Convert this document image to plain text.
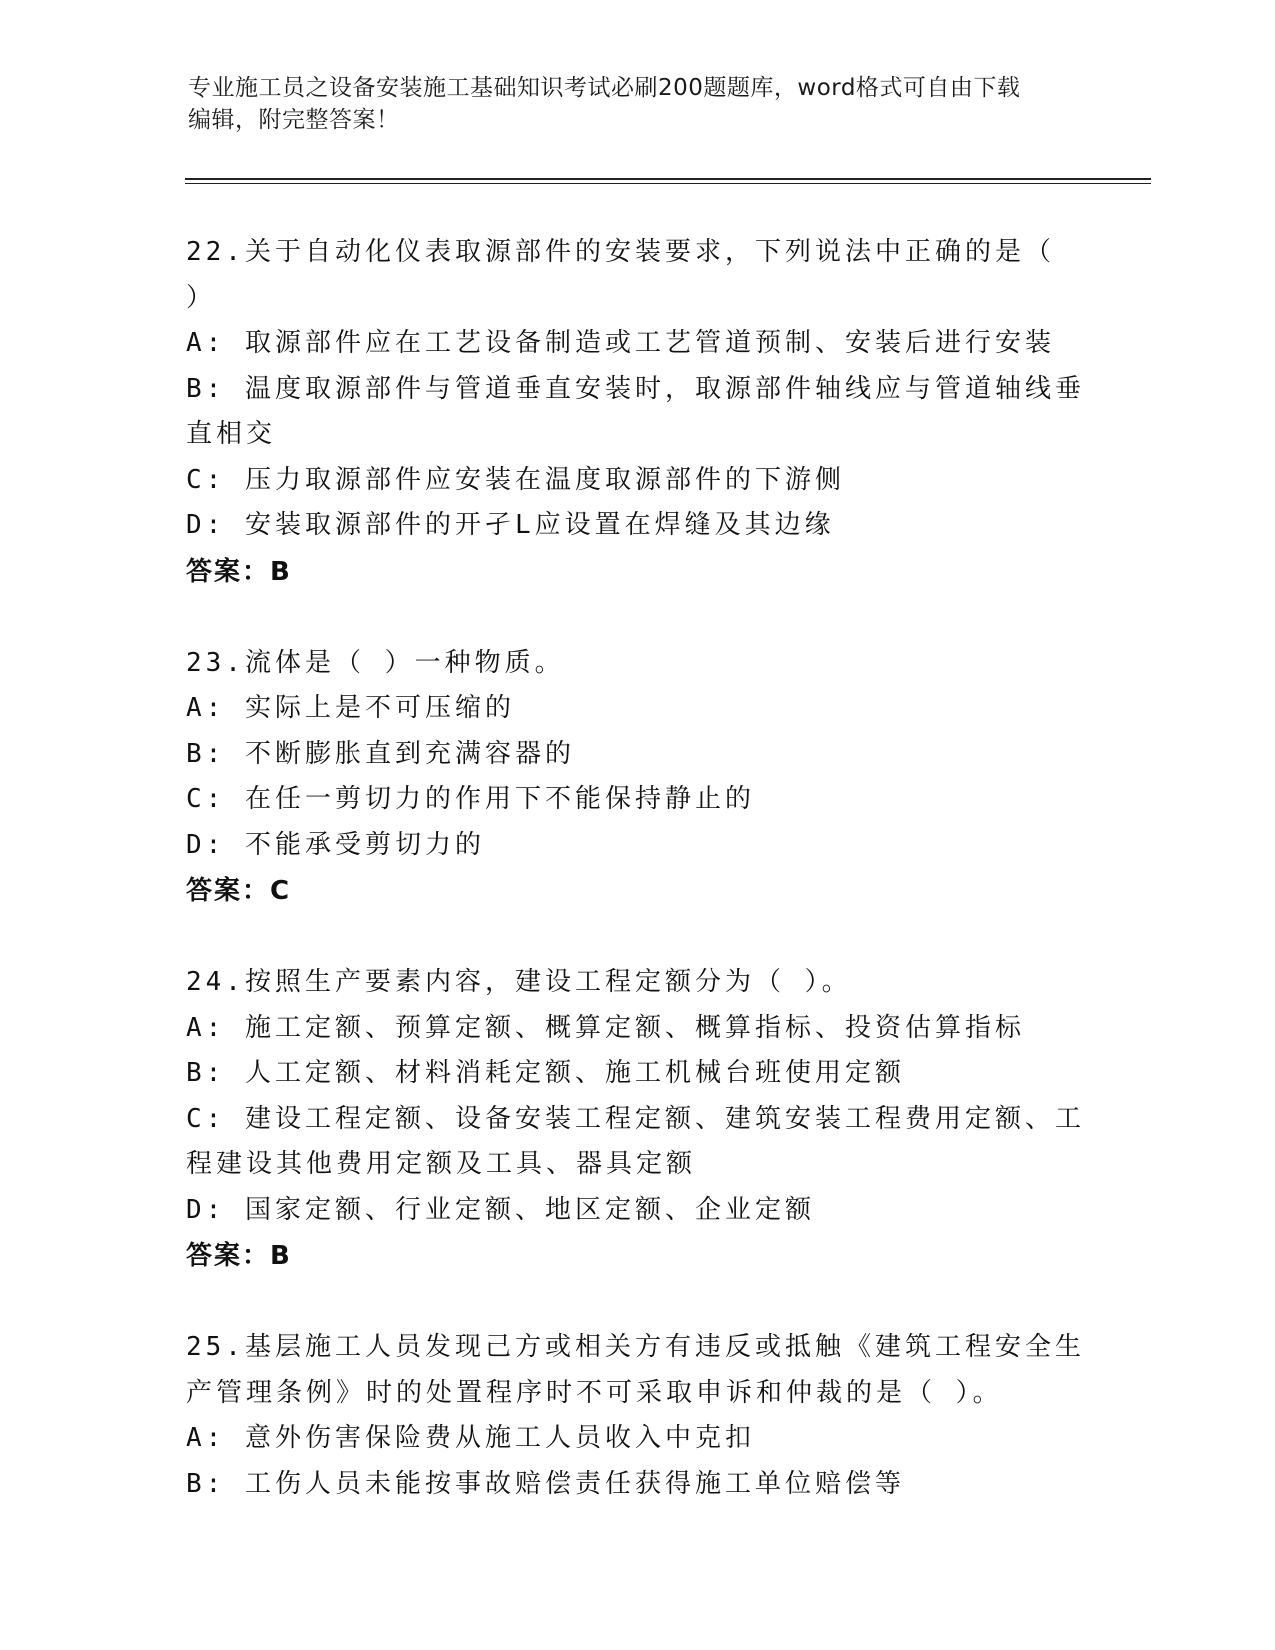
专业施工员之设备安装施工基础知识考试必刷200题题库，word格式可自由下载
编辑，附完整答案！
22.关于自动化仪表取源部件的安装要求，下列说法中正确的是（ ）
A: 取源部件应在工艺设备制造或工艺管道预制、安装后进行安装
B: 温度取源部件与管道垂直安装时，取源部件轴线应与管道轴线垂直相交
C: 压力取源部件应安装在温度取源部件的下游侧
D: 安装取源部件的开孑L应设置在焊缝及其边缘
答案：B
23.流体是（ ）一种物质。
A: 实际上是不可压缩的
B: 不断膨胀直到充满容器的
C: 在任一剪切力的作用下不能保持静止的
D: 不能承受剪切力的
答案：C
24.按照生产要素内容，建设工程定额分为（ ）。
A: 施工定额、预算定额、概算定额、概算指标、投资估算指标
B: 人工定额、材料消耗定额、施工机械台班使用定额
C: 建设工程定额、设备安装工程定额、建筑安装工程费用定额、工程建设其他费用定额及工具、器具定额
D: 国家定额、行业定额、地区定额、企业定额
答案：B
25.基层施工人员发现己方或相关方有违反或抵触《建筑工程安全生产管理条例》时的处置程序时不可采取申诉和仲裁的是（ ）。
A: 意外伤害保险费从施工人员收入中克扣
B: 工伤人员未能按事故赔偿责任获得施工单位赔偿等
